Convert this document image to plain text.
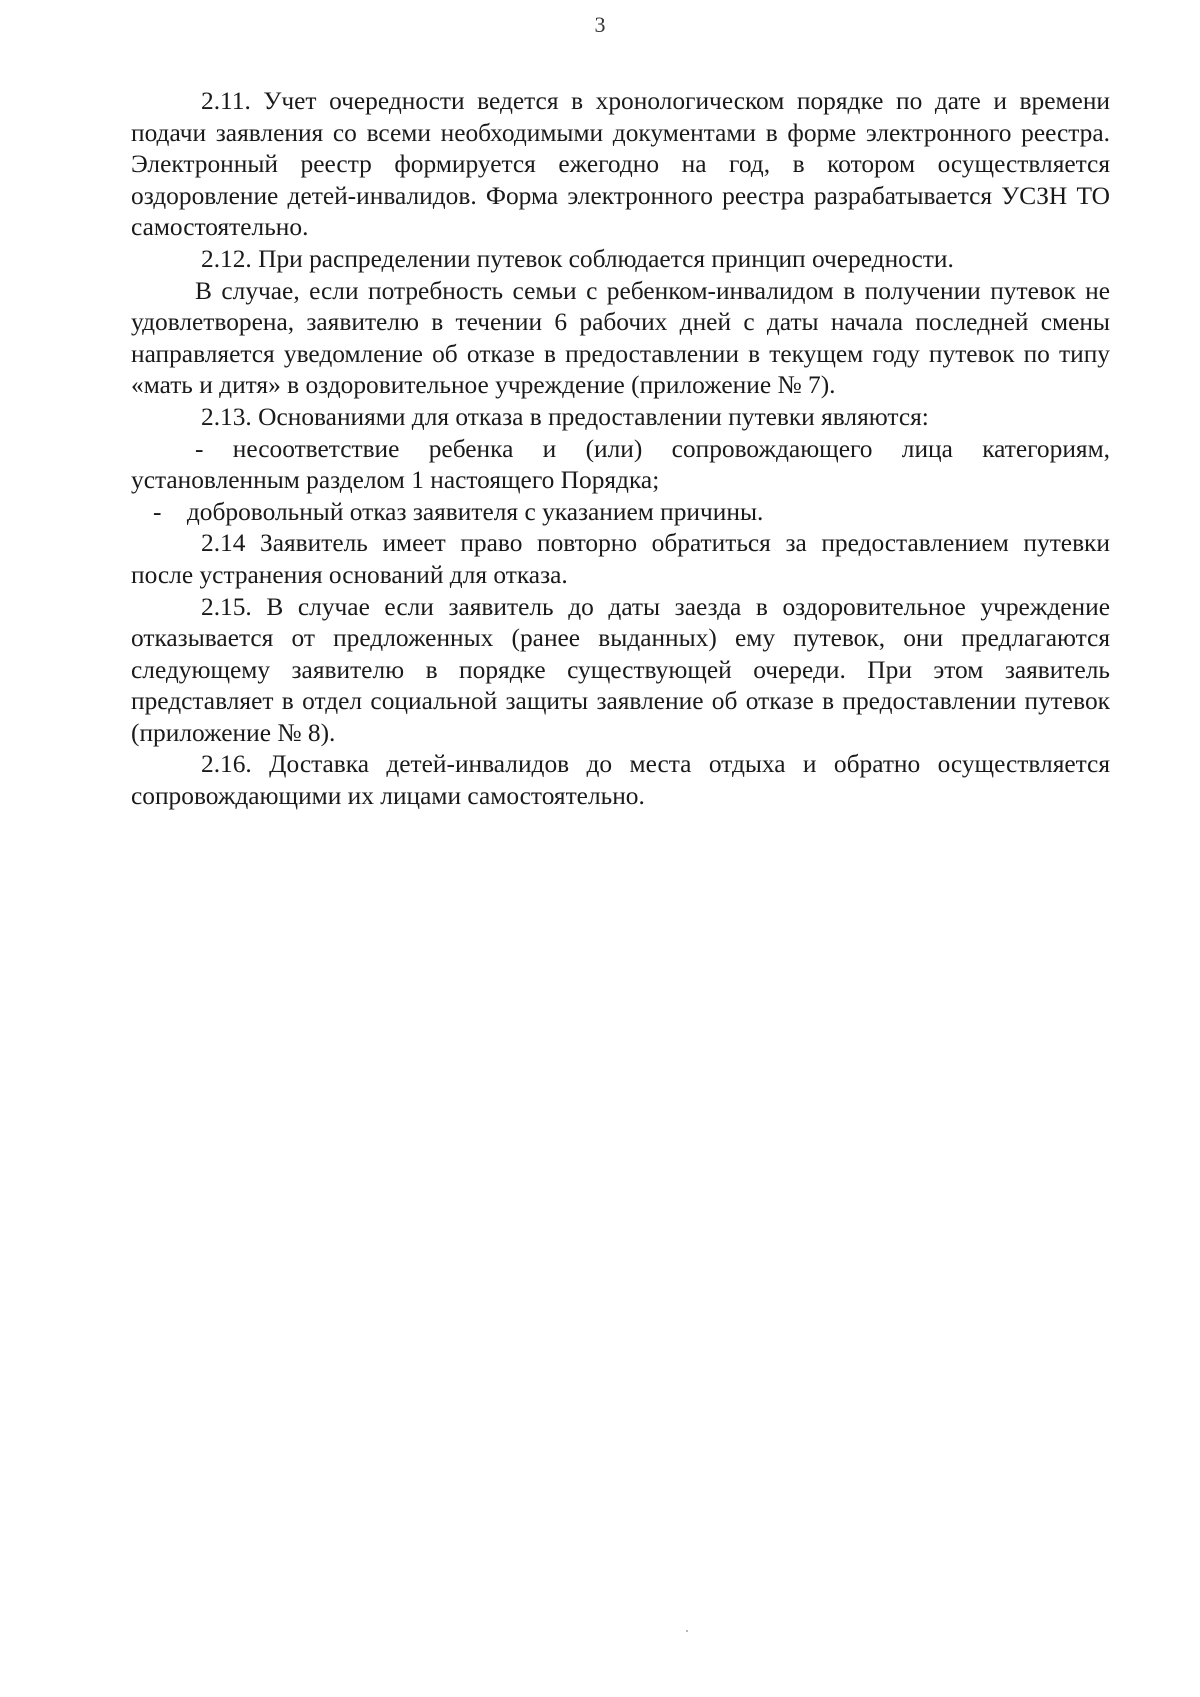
3

2.11. Учет очередности ведется в хронологическом порядке по дате и времени подачи заявления со всеми необходимыми документами в форме электронного реестра. Электронный реестр формируется ежегодно на год, в котором осуществляется оздоровление детей-инвалидов. Форма электронного реестра разрабатывается УСЗН ТО самостоятельно.

2.12. При распределении путевок соблюдается принцип очередности.

В случае, если потребность семьи с ребенком-инвалидом в получении путевок не удовлетворена, заявителю в течении 6 рабочих дней с даты начала последней смены направляется уведомление об отказе в предоставлении в текущем году путевок по типу «мать и дитя» в оздоровительное учреждение (приложение № 7).

2.13. Основаниями для отказа в предоставлении путевки являются:

- несоответствие ребенка и (или) сопровождающего лица категориям, установленным разделом 1 настоящего Порядка;

-    добровольный отказ заявителя с указанием причины.

2.14 Заявитель имеет право повторно обратиться за предоставлением путевки после устранения оснований для отказа.

2.15. В случае если заявитель до даты заезда в оздоровительное учреждение отказывается от предложенных (ранее выданных) ему путевок, они предлагаются следующему заявителю в порядке существующей очереди. При этом заявитель представляет в отдел социальной защиты заявление об отказе в предоставлении путевок (приложение № 8).

2.16. Доставка детей-инвалидов до места отдыха и обратно осуществляется сопровождающими их лицами самостоятельно.
